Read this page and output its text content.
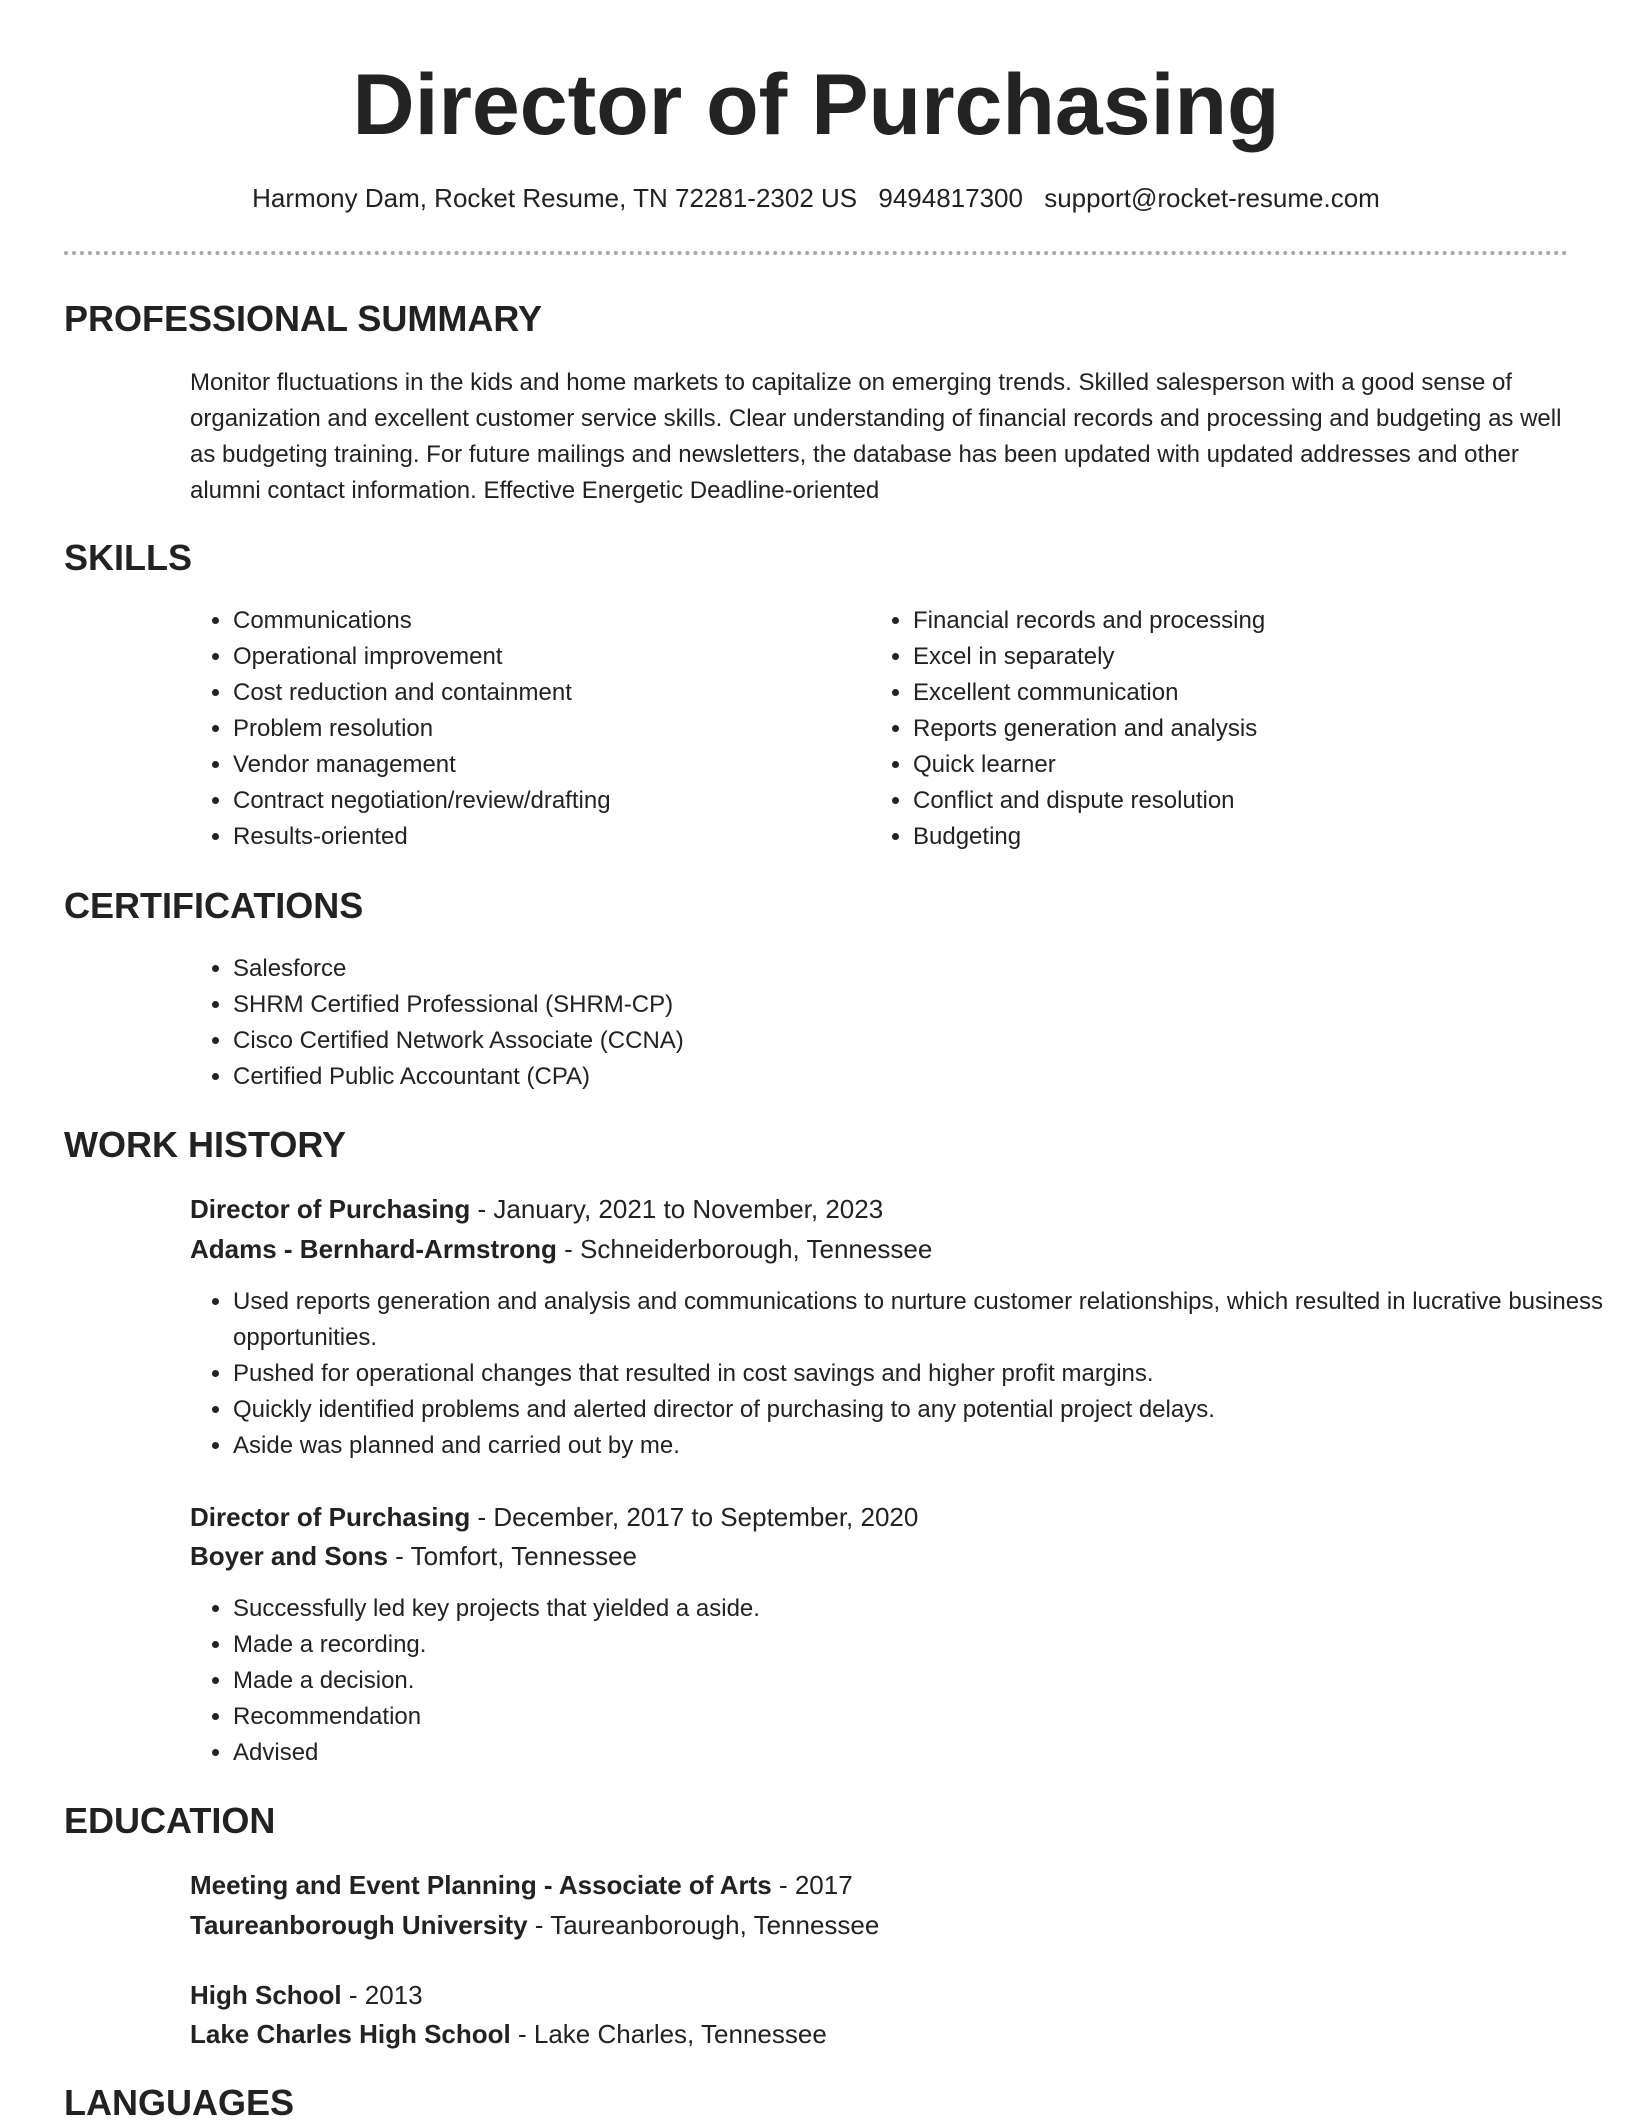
Director of Purchasing
Harmony Dam, Rocket Resume, TN 72281-2302 US 9494817300 support@rocket-resume.com
PROFESSIONAL SUMMARY

Monitor fluctuations in the kids and home markets to capitalize on emerging trends. Skilled salesperson with a good sense of organization and excellent customer service skills. Clear understanding of financial records and processing and budgeting as well as budgeting training. For future mailings and newsletters, the database has been updated with updated addresses and other alumni contact information. Effective Energetic Deadline-oriented

SKILLS
• Communications
• Operational improvement
• Cost reduction and containment
• Problem resolution
• Vendor management
• Contract negotiation/review/drafting
• Results-oriented
• Financial records and processing
• Excel in separately
• Excellent communication
• Reports generation and analysis
• Quick learner
• Conflict and dispute resolution
• Budgeting
CERTIFICATIONS
• Salesforce
• SHRM Certified Professional (SHRM-CP)
• Cisco Certified Network Associate (CCNA)
• Certified Public Accountant (CPA)
WORK HISTORY

Director of Purchasing - January, 2021 to November, 2023

Adams - Bernhard-Armstrong - Schneiderborough, Tennessee

• Used reports generation and analysis and communications to nurture customer relationships, which resulted in lucrative business opportunities.
• Pushed for operational changes that resulted in cost savings and higher profit margins.
• Quickly identified problems and alerted director of purchasing to any potential project delays.
• Aside was planned and carried out by me.

Director of Purchasing - December, 2017 to September, 2020

Boyer and Sons - Tomfort, Tennessee

• Successfully led key projects that yielded a aside.
• Made a recording.
• Made a decision.
• Recommendation
• Advised
EDUCATION

Meeting and Event Planning - Associate of Arts - 2017

Taureanborough University - Taureanborough, Tennessee

High School - 2013

Lake Charles High School - Lake Charles, Tennessee

LANGUAGES
